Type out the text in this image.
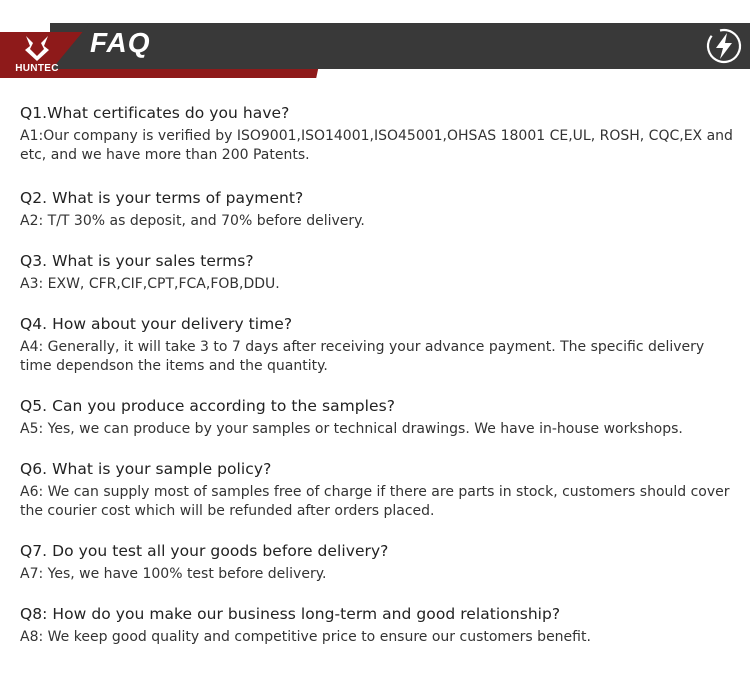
HUNTEC
FAQ
Q1.What certificates do you have?
A1:Our company is verified by ISO9001,ISO14001,ISO45001,OHSAS 18001 CE,UL, ROSH, CQC,EX and etc, and we have more than 200 Patents.
Q2. What is your terms of payment?
A2: T/T 30% as deposit, and 70% before delivery.
Q3. What is your sales terms?
A3: EXW, CFR,CIF,CPT,FCA,FOB,DDU.
Q4. How about your delivery time?
A4: Generally, it will take 3 to 7 days after receiving your advance payment. The specific delivery time dependson the items and the quantity.
Q5. Can you produce according to the samples?
A5: Yes, we can produce by your samples or technical drawings. We have in-house workshops.
Q6. What is your sample policy?
A6: We can supply most of samples free of charge if there are parts in stock, customers should cover the courier cost which will be refunded after orders placed.
Q7. Do you test all your goods before delivery?
A7: Yes, we have 100% test before delivery.
Q8: How do you make our business long-term and good relationship?
A8: We keep good quality and competitive price to ensure our customers benefit.
